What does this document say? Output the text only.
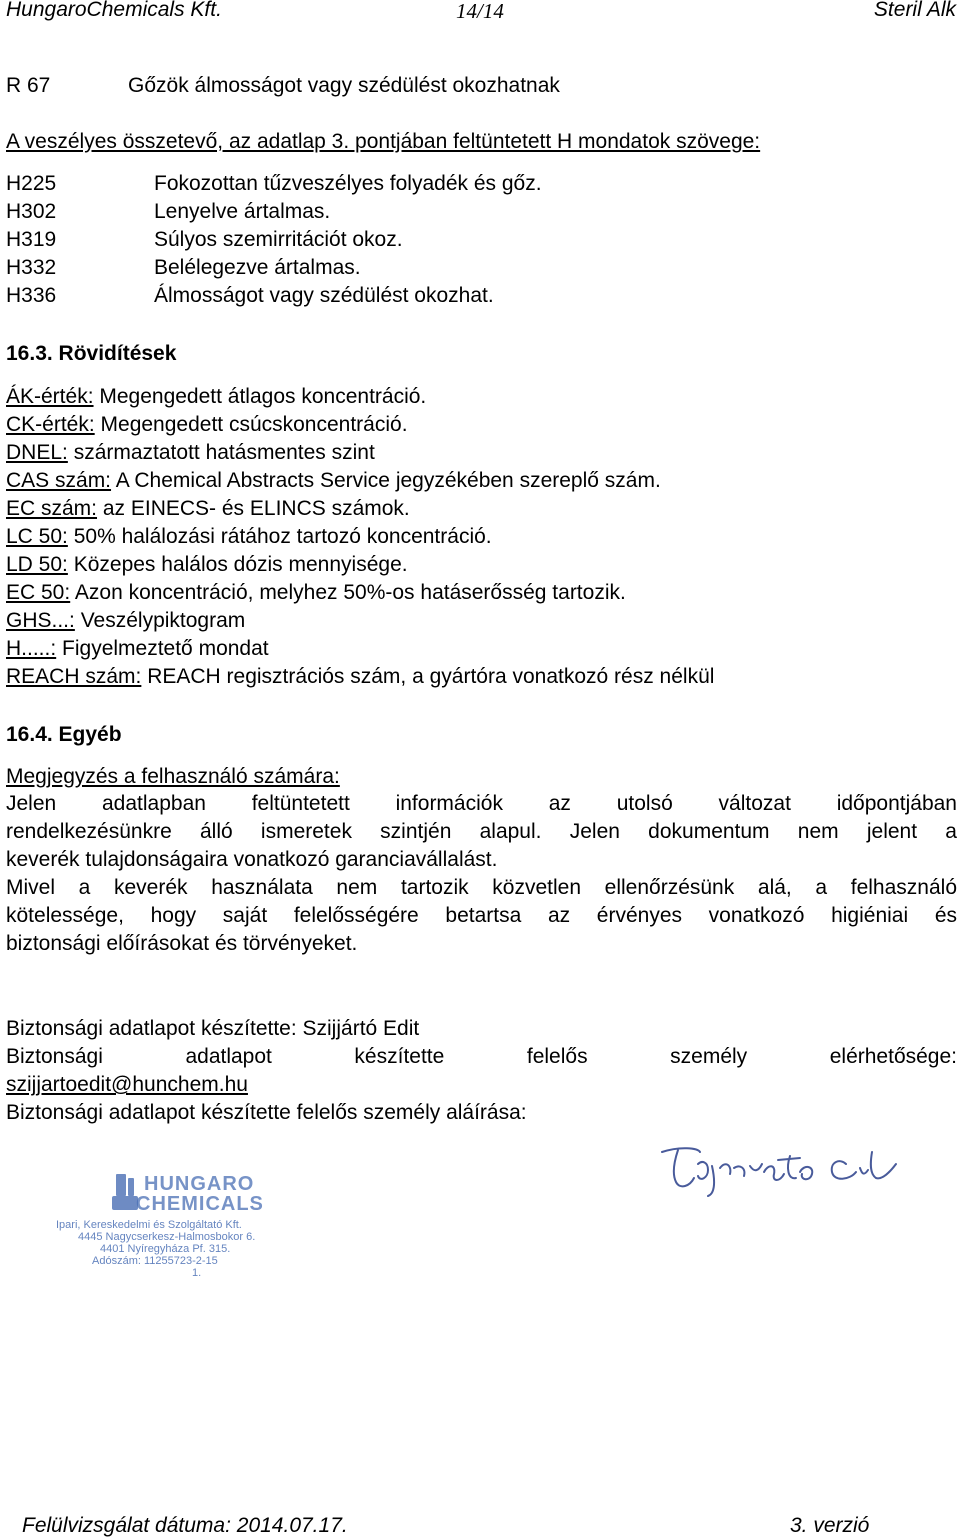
HungaroChemicals Kft.	14/14	Steril Alk
R 67	Gőzök álmosságot vagy szédülést okozhatnak
A veszélyes összetevő, az adatlap 3. pontjában feltüntetett H mondatok szövege:
H225	Fokozottan tűzveszélyes folyadék és gőz.
H302	Lenyelve ártalmas.
H319	Súlyos szemirritációt okoz.
H332	Belélegezve ártalmas.
H336	Álmosságot vagy szédülést okozhat.
16.3. Rövidítések
ÁK-érték: Megengedett átlagos koncentráció.
CK-érték: Megengedett csúcskoncentráció.
DNEL: származtatott hatásmentes szint
CAS szám: A Chemical Abstracts Service jegyzékében szereplő szám.
EC szám: az EINECS- és ELINCS számok.
LC 50: 50% halálozási rátához tartozó koncentráció.
LD 50: Közepes halálos dózis mennyisége.
EC 50: Azon koncentráció, melyhez 50%-os hatáserősség tartozik.
GHS...: Veszélypiktogram
H.....: Figyelmeztető mondat
REACH szám: REACH regisztrációs szám, a gyártóra vonatkozó rész nélkül
16.4. Egyéb
Megjegyzés a felhasználó számára:
Jelen adatlapban feltüntetett információk az utolsó változat időpontjában
rendelkezésünkre álló ismeretek szintjén alapul. Jelen dokumentum nem jelent a
keverék tulajdonságaira vonatkozó garanciavállalást.
Mivel a keverék használata nem tartozik közvetlen ellenőrzésünk alá, a felhasználó
kötelessége, hogy saját felelősségére betartsa az érvényes vonatkozó higiéniai és
biztonsági előírásokat és törvényeket.
Biztonsági adatlapot készítette: Szijjártó Edit
Biztonsági adatlapot készítette felelős személy elérhetősége:
szijjartoedit@hunchem.hu
Biztonsági adatlapot készítette felelős személy aláírása:
HUNGARO
CHEMICALS
Ipari, Kereskedelmi és Szolgáltató Kft.
4445 Nagycserkesz-Halmosbokor 6.
4401 Nyíregyháza Pf. 315.
Adószám: 11255723-2-15
1.
Felülvizsgálat dátuma: 2014.07.17.	3. verzió
